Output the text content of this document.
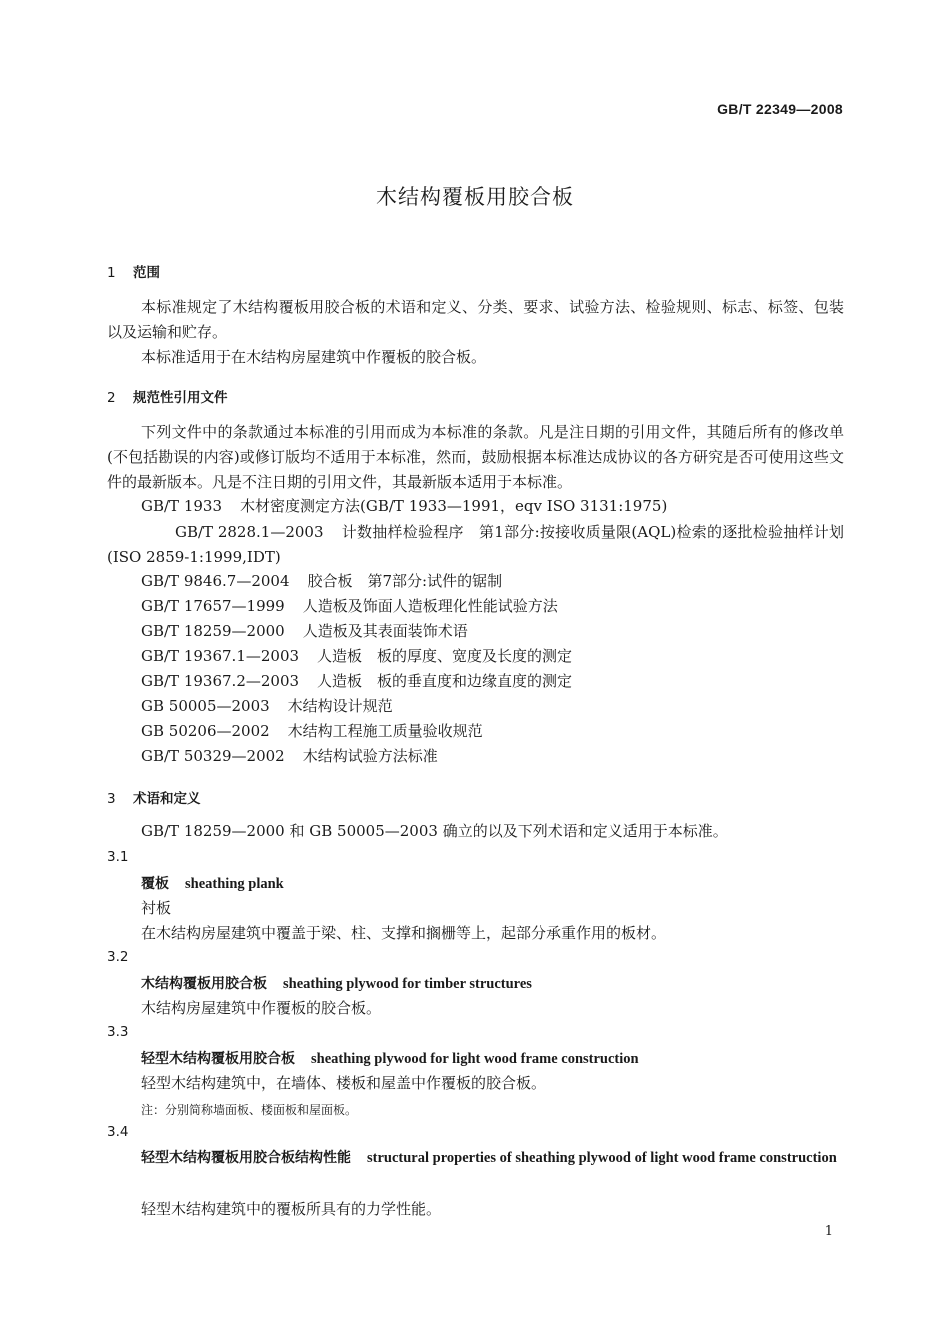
GB/T 22349—2008
木结构覆板用胶合板
1 范围
本标准规定了木结构覆板用胶合板的术语和定义、分类、要求、试验方法、检验规则、标志、标签、包装以及运输和贮存。
本标准适用于在木结构房屋建筑中作覆板的胶合板。
2 规范性引用文件
下列文件中的条款通过本标准的引用而成为本标准的条款。凡是注日期的引用文件，其随后所有的修改单(不包括勘误的内容)或修订版均不适用于本标准，然而，鼓励根据本标准达成协议的各方研究是否可使用这些文件的最新版本。凡是不注日期的引用文件，其最新版本适用于本标准。
GB/T 1933 木材密度测定方法(GB/T 1933—1991，eqv ISO 3131:1975)
GB/T 2828.1—2003 计数抽样检验程序　第1部分:按接收质量限(AQL)检索的逐批检验抽样计划(ISO 2859-1:1999,IDT)
GB/T 9846.7—2004 胶合板　第7部分:试件的锯制
GB/T 17657—1999 人造板及饰面人造板理化性能试验方法
GB/T 18259—2000 人造板及其表面装饰术语
GB/T 19367.1—2003 人造板　板的厚度、宽度及长度的测定
GB/T 19367.2—2003 人造板　板的垂直度和边缘直度的测定
GB 50005—2003 木结构设计规范
GB 50206—2002 木结构工程施工质量验收规范
GB/T 50329—2002 木结构试验方法标准
3 术语和定义
GB/T 18259—2000 和 GB 50005—2003 确立的以及下列术语和定义适用于本标准。
3.1
覆板 sheathing plank
衬板
在木结构房屋建筑中覆盖于梁、柱、支撑和搁栅等上，起部分承重作用的板材。
3.2
木结构覆板用胶合板 sheathing plywood for timber structures
木结构房屋建筑中作覆板的胶合板。
3.3
轻型木结构覆板用胶合板 sheathing plywood for light wood frame construction
轻型木结构建筑中，在墙体、楼板和屋盖中作覆板的胶合板。
注：分别简称墙面板、楼面板和屋面板。
3.4
轻型木结构覆板用胶合板结构性能 structural properties of sheathing plywood of light wood frame construction
轻型木结构建筑中的覆板所具有的力学性能。
1
